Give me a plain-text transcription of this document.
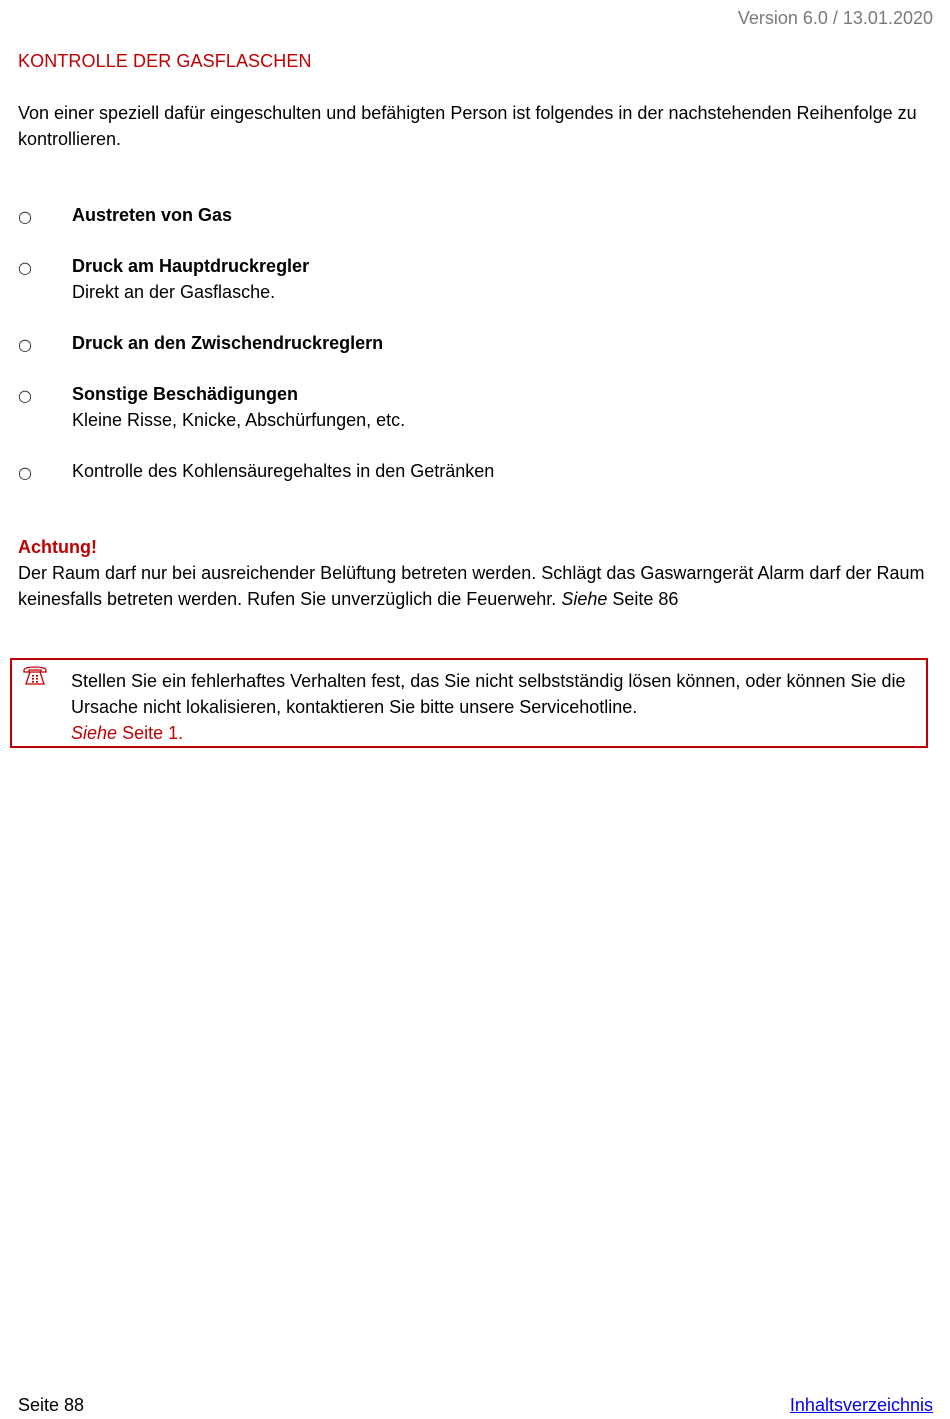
Version 6.0 / 13.01.2020
KONTROLLE DER GASFLASCHEN
Von einer speziell dafür eingeschulten und befähigten Person ist folgendes in der nachstehenden Reihenfolge zu kontrollieren.
○ Austreten von Gas
○ Druck am Hauptdruckregler
Direkt an der Gasflasche.
○ Druck an den Zwischendruckreglern
○ Sonstige Beschädigungen
Kleine Risse, Knicke, Abschürfungen, etc.
○ Kontrolle des Kohlensäuregehaltes in den Getränken
Achtung!
Der Raum darf nur bei ausreichender Belüftung betreten werden. Schlägt das Gaswarngerät Alarm darf der Raum keinesfalls betreten werden. Rufen Sie unverzüglich die Feuerwehr. Siehe Seite 86
Stellen Sie ein fehlerhaftes Verhalten fest, das Sie nicht selbstständig lösen können, oder können Sie die Ursache nicht lokalisieren, kontaktieren Sie bitte unsere Servicehotline.
Siehe Seite 1.
Seite 88	Inhaltsverzeichnis
